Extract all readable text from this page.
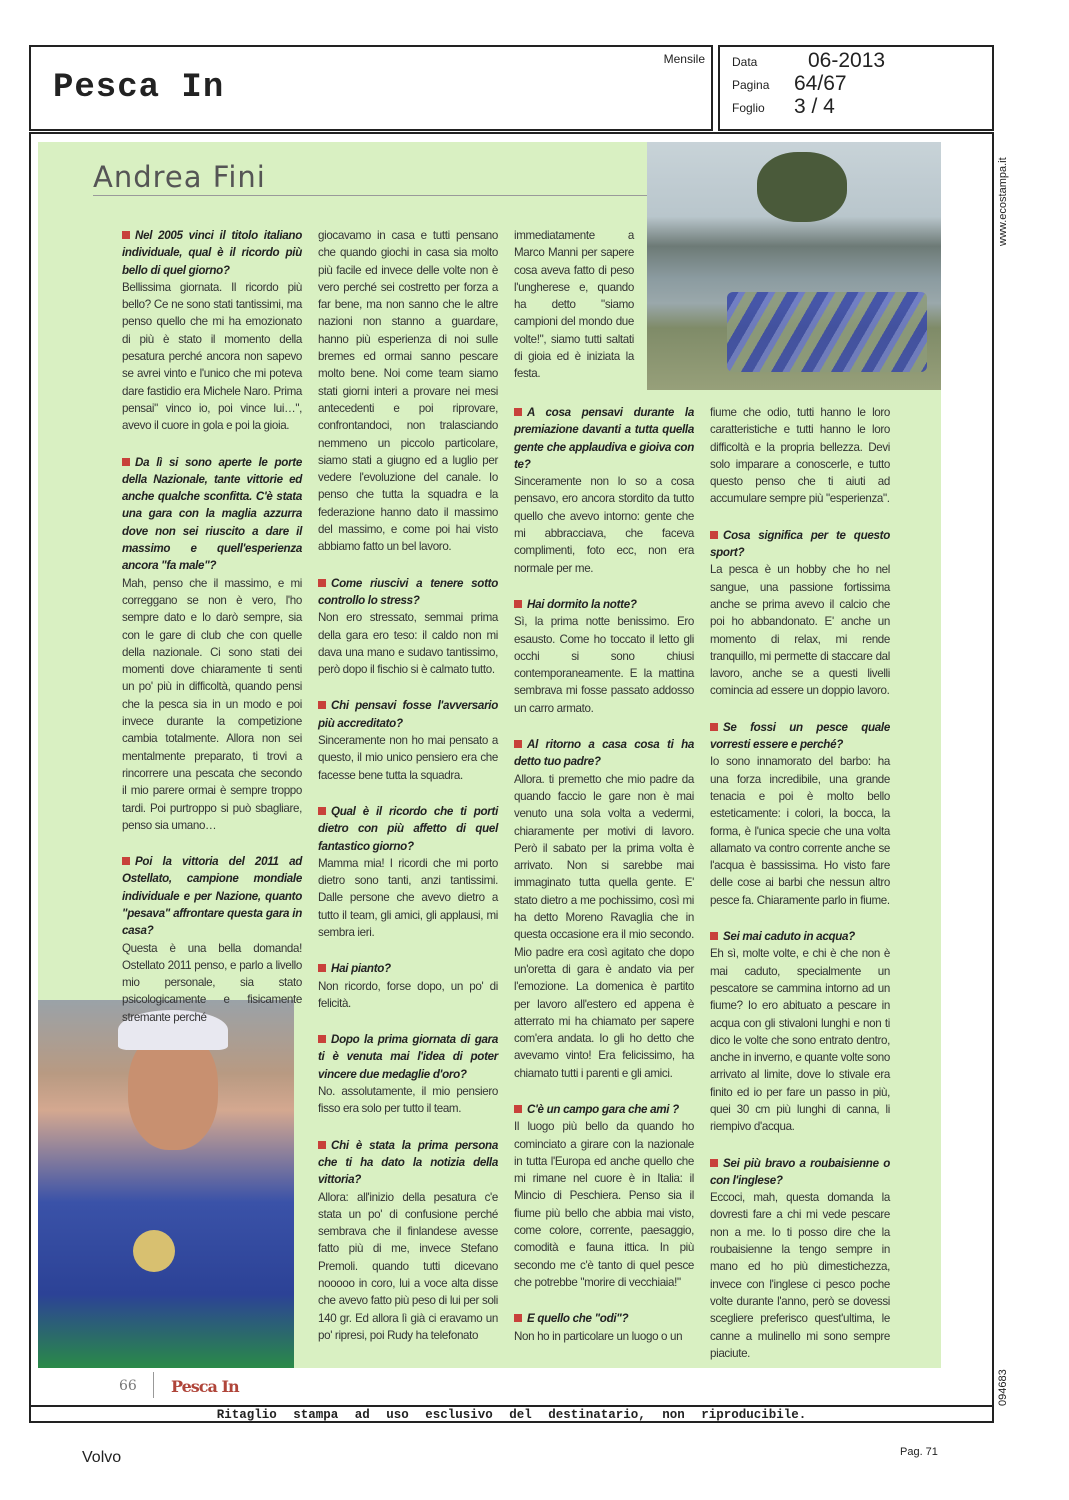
Pesca In
Mensile Data 06-2013
Pagina 64/67
Foglio 3 / 4
Andrea Fini
Nel 2005 vinci il titolo italiano individuale, qual è il ricordo più bello di quel giorno?
Bellissima giornata. Il ricordo più bello? Ce ne sono stati tantissimi, ma penso quello che mi ha emozionato di più è stato il momento della pesatura perché ancora non sapevo se avrei vinto e l'unico che mi poteva dare fastidio era Michele Naro. Prima pensai" vinco io, poi vince lui…", avevo il cuore in gola e poi la gioia.
Da lì si sono aperte le porte della Nazionale, tante vittorie ed anche qualche sconfitta. C'è stata una gara con la maglia azzurra dove non sei riuscito a dare il massimo e quell'esperienza ancora "fa male"?
Mah, penso che il massimo, e mi correggano se non è vero, l'ho sempre dato e lo darò sempre, sia con le gare di club che con quelle della nazionale. Ci sono stati dei momenti dove chiaramente ti senti un po' più in difficoltà, quando pensi che la pesca sia in un modo e poi invece durante la competizione cambia totalmente. Allora non sei mentalmente preparato, ti trovi a rincorrere una pescata che secondo il mio parere ormai è sempre troppo tardi. Poi purtroppo si può sbagliare, penso sia umano…
Poi la vittoria del 2011 ad Ostellato, campione mondiale individuale e per Nazione, quanto "pesava" affrontare questa gara in casa?
Questa è una bella domanda! Ostellato 2011 penso, e parlo a livello mio personale, sia stato psicologicamente e fisicamente stremante perché
giocavamo in casa e tutti pensano che quando giochi in casa sia molto più facile ed invece delle volte non è vero perché sei costretto per forza a far bene, ma non sanno che le altre nazioni non stanno a guardare, hanno più esperienza di noi sulle bremes ed ormai sanno pescare molto bene. Noi come team siamo stati giorni interi a provare nei mesi antecedenti e poi riprovare, confrontandoci, non tralasciando nemmeno un piccolo particolare, siamo stati a giugno ed a luglio per vedere l'evoluzione del canale. Io penso che tutta la squadra e la federazione hanno dato il massimo del massimo, e come poi hai visto abbiamo fatto un bel lavoro.
Come riuscivi a tenere sotto controllo lo stress?
Non ero stressato, semmai prima della gara ero teso: il caldo non mi dava una mano e sudavo tantissimo, però dopo il fischio si è calmato tutto.
Chi pensavi fosse l'avversario più accreditato?
Sinceramente non ho mai pensato a questo, il mio unico pensiero era che facesse bene tutta la squadra.
Qual è il ricordo che ti porti dietro con più affetto di quel fantastico giorno?
Mamma mia! I ricordi che mi porto dietro sono tanti, anzi tantissimi. Dalle persone che avevo dietro a tutto il team, gli amici, gli applausi, mi sembra ieri.
Hai pianto?
Non ricordo, forse dopo, un po' di felicità.
Dopo la prima giornata di gara ti è venuta mai l'idea di poter vincere due medaglie d'oro?
No. assolutamente, il mio pensiero fisso era solo per tutto il team.
Chi è stata la prima persona che ti ha dato la notizia della vittoria?
Allora: all'inizio della pesatura c'e stata un po' di confusione perché sembrava che il finlandese avesse fatto più di me, invece Stefano Premoli. quando tutti dicevano nooooo in coro, lui a voce alta disse che avevo fatto più peso di lui per soli 140 gr. Ed allora lì già ci eravamo un po' ripresi, poi Rudy ha telefonato
immediatamente a Marco Manni per sapere cosa aveva fatto di peso l'ungherese e, quando ha detto "siamo campioni del mondo due volte!", siamo tutti saltati di gioia ed è iniziata la festa.
A cosa pensavi durante la premiazione davanti a tutta quella gente che applaudiva e gioiva con te?
Sinceramente non lo so a cosa pensavo, ero ancora stordito da tutto quello che avevo intorno: gente che mi abbracciava, che faceva complimenti, foto ecc, non era normale per me.
Hai dormito la notte?
Sì, la prima notte benissimo. Ero esausto. Come ho toccato il letto gli occhi si sono chiusi contemporaneamente. E la mattina sembrava mi fosse passato addosso un carro armato.
Al ritorno a casa cosa ti ha detto tuo padre?
Allora. ti premetto che mio padre da quando faccio le gare non è mai venuto una sola volta a vedermi, chiaramente per motivi di lavoro. Però il sabato per la prima volta è arrivato. Non si sarebbe mai immaginato tutta quella gente. E' stato dietro a me pochissimo, così mi ha detto Moreno Ravaglia che in questa occasione era il mio secondo. Mio padre era così agitato che dopo un'oretta di gara è andato via per l'emozione. La domenica è partito per lavoro all'estero ed appena è atterrato mi ha chiamato per sapere com'era andata. Io gli ho detto che avevamo vinto! Era felicissimo, ha chiamato tutti i parenti e gli amici.
C'è un campo gara che ami ?
Il luogo più bello da quando ho cominciato a girare con la nazionale in tutta l'Europa ed anche quello che mi rimane nel cuore è in Italia: il Mincio di Peschiera. Penso sia il fiume più bello che abbia mai visto, come colore, corrente, paesaggio, comodità e fauna ittica. In più secondo me c'è tanto di quel pesce che potrebbe "morire di vecchiaia!"
E quello che "odi"?
Non ho in particolare un luogo o un
fiume che odio, tutti hanno le loro caratteristiche e tutti hanno le loro difficoltà e la propria bellezza. Devi solo imparare a conoscerle, e tutto questo penso che ti aiuti ad accumulare sempre più "esperienza".
Cosa significa per te questo sport?
La pesca è un hobby che ho nel sangue, una passione fortissima anche se prima avevo il calcio che poi ho abbandonato. E' anche un momento di relax, mi rende tranquillo, mi permette di staccare dal lavoro, anche se a questi livelli comincia ad essere un doppio lavoro.
Se fossi un pesce quale vorresti essere e perché?
Io sono innamorato del barbo: ha una forza incredibile, una grande tenacia e poi è molto bello esteticamente: i colori, la bocca, la forma, è l'unica specie che una volta allamato va contro corrente anche se l'acqua è bassissima. Ho visto fare delle cose ai barbi che nessun altro pesce fa. Chiaramente parlo in fiume.
Sei mai caduto in acqua?
Eh sì, molte volte, e chi è che non è mai caduto, specialmente un pescatore se cammina intorno ad un fiume? Io ero abituato a pescare in acqua con gli stivaloni lunghi e non ti dico le volte che sono entrato dentro, anche in inverno, e quante volte sono arrivato al limite, dove lo stivale era finito ed io per fare un passo in più, quei 30 cm più lunghi di canna, li riempivo d'acqua.
Sei più bravo a roubaisienne o con l'inglese?
Eccoci, mah, questa domanda la dovresti fare a chi mi vede pescare non a me. Io ti posso dire che la roubaisienne la tengo sempre in mano ed ho più dimestichezza, invece con l'inglese ci pesco poche volte durante l'anno, però se dovessi scegliere preferisco quest'ultima, le canne a mulinello mi sono sempre piaciute.
66 Pesca In
Ritaglio stampa ad uso esclusivo del destinatario, non riproducibile.
www.ecostampa.it
094683
Volvo	Pag. 71
